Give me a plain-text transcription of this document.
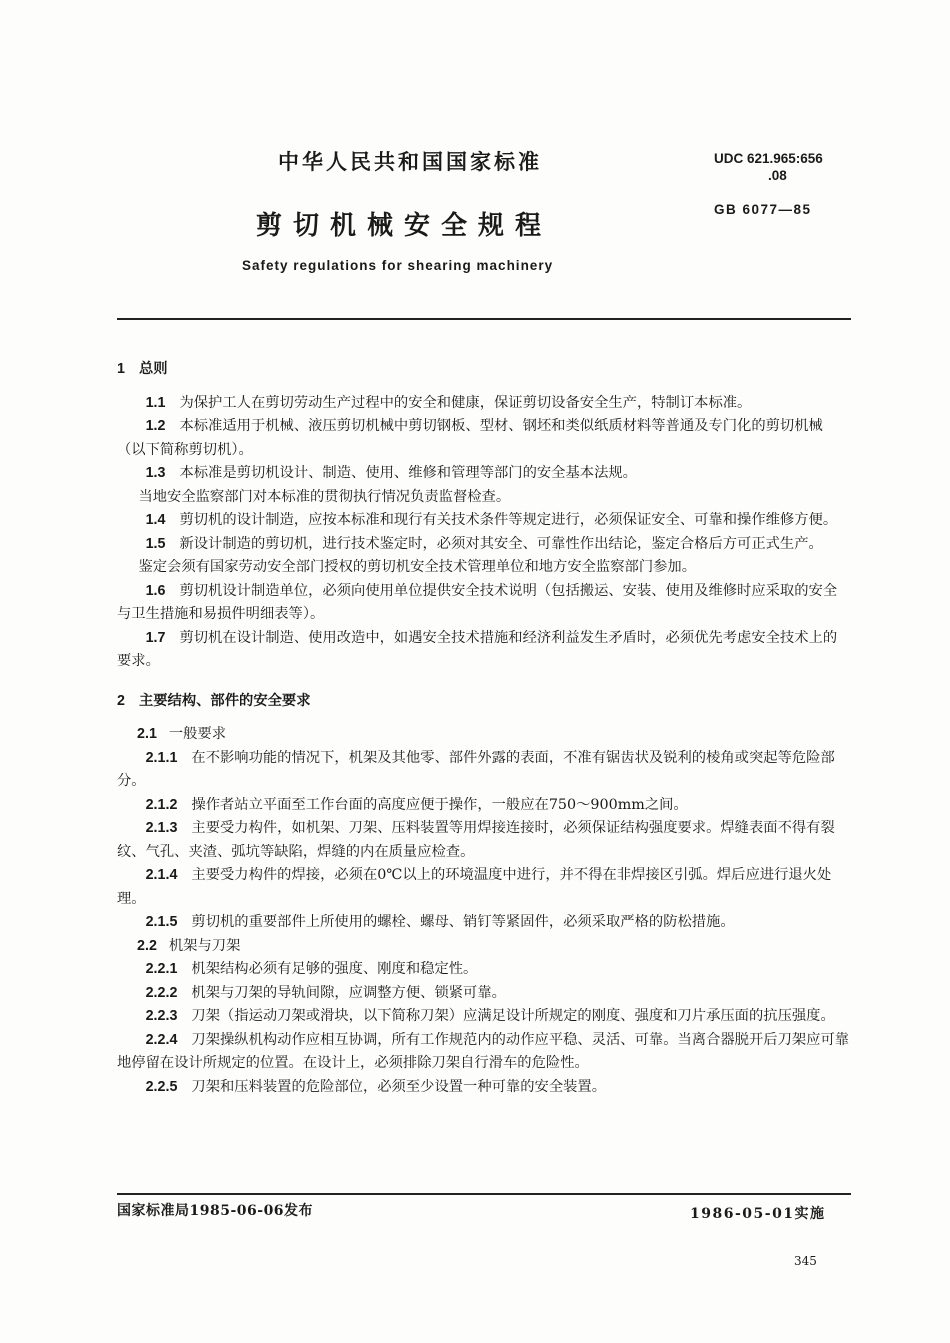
中华人民共和国国家标准	UDC 621.965:656
.08
GB 6077—85
剪切机械安全规程
Safety regulations for shearing machinery

1 总则

1.1 为保护工人在剪切劳动生产过程中的安全和健康，保证剪切设备安全生产，特制订本标准。

1.2 本标准适用于机械、液压剪切机械中剪切钢板、型材、钢坯和类似纸质材料等普通及专门化的剪切机械（以下简称剪切机）。

1.3 本标准是剪切机设计、制造、使用、维修和管理等部门的安全基本法规。

当地安全监察部门对本标准的贯彻执行情况负责监督检查。

1.4 剪切机的设计制造，应按本标准和现行有关技术条件等规定进行，必须保证安全、可靠和操作维修方便。

1.5 新设计制造的剪切机，进行技术鉴定时，必须对其安全、可靠性作出结论，鉴定合格后方可正式生产。

鉴定会须有国家劳动安全部门授权的剪切机安全技术管理单位和地方安全监察部门参加。

1.6 剪切机设计制造单位，必须向使用单位提供安全技术说明（包括搬运、安装、使用及维修时应采取的安全与卫生措施和易损件明细表等）。

1.7 剪切机在设计制造、使用改造中，如遇安全技术措施和经济利益发生矛盾时，必须优先考虑安全技术上的要求。

2 主要结构、部件的安全要求

2.1 一般要求

2.1.1 在不影响功能的情况下，机架及其他零、部件外露的表面，不准有锯齿状及锐利的棱角或突起等危险部分。

2.1.2 操作者站立平面至工作台面的高度应便于操作，一般应在750～900mm之间。

2.1.3 主要受力构件，如机架、刀架、压料装置等用焊接连接时，必须保证结构强度要求。焊缝表面不得有裂纹、气孔、夹渣、弧坑等缺陷，焊缝的内在质量应检查。

2.1.4 主要受力构件的焊接，必须在0℃以上的环境温度中进行，并不得在非焊接区引弧。焊后应进行退火处理。

2.1.5 剪切机的重要部件上所使用的螺栓、螺母、销钉等紧固件，必须采取严格的防松措施。

2.2 机架与刀架

2.2.1 机架结构必须有足够的强度、刚度和稳定性。

2.2.2 机架与刀架的导轨间隙，应调整方便、锁紧可靠。

2.2.3 刀架（指运动刀架或滑块，以下简称刀架）应满足设计所规定的刚度、强度和刀片承压面的抗压强度。

2.2.4 刀架操纵机构动作应相互协调，所有工作规范内的动作应平稳、灵活、可靠。当离合器脱开后刀架应可靠地停留在设计所规定的位置。在设计上，必须排除刀架自行滑车的危险性。

2.2.5 刀架和压料装置的危险部位，必须至少设置一种可靠的安全装置。

国家标准局1985-06-06发布	1986-05-01实施
345
